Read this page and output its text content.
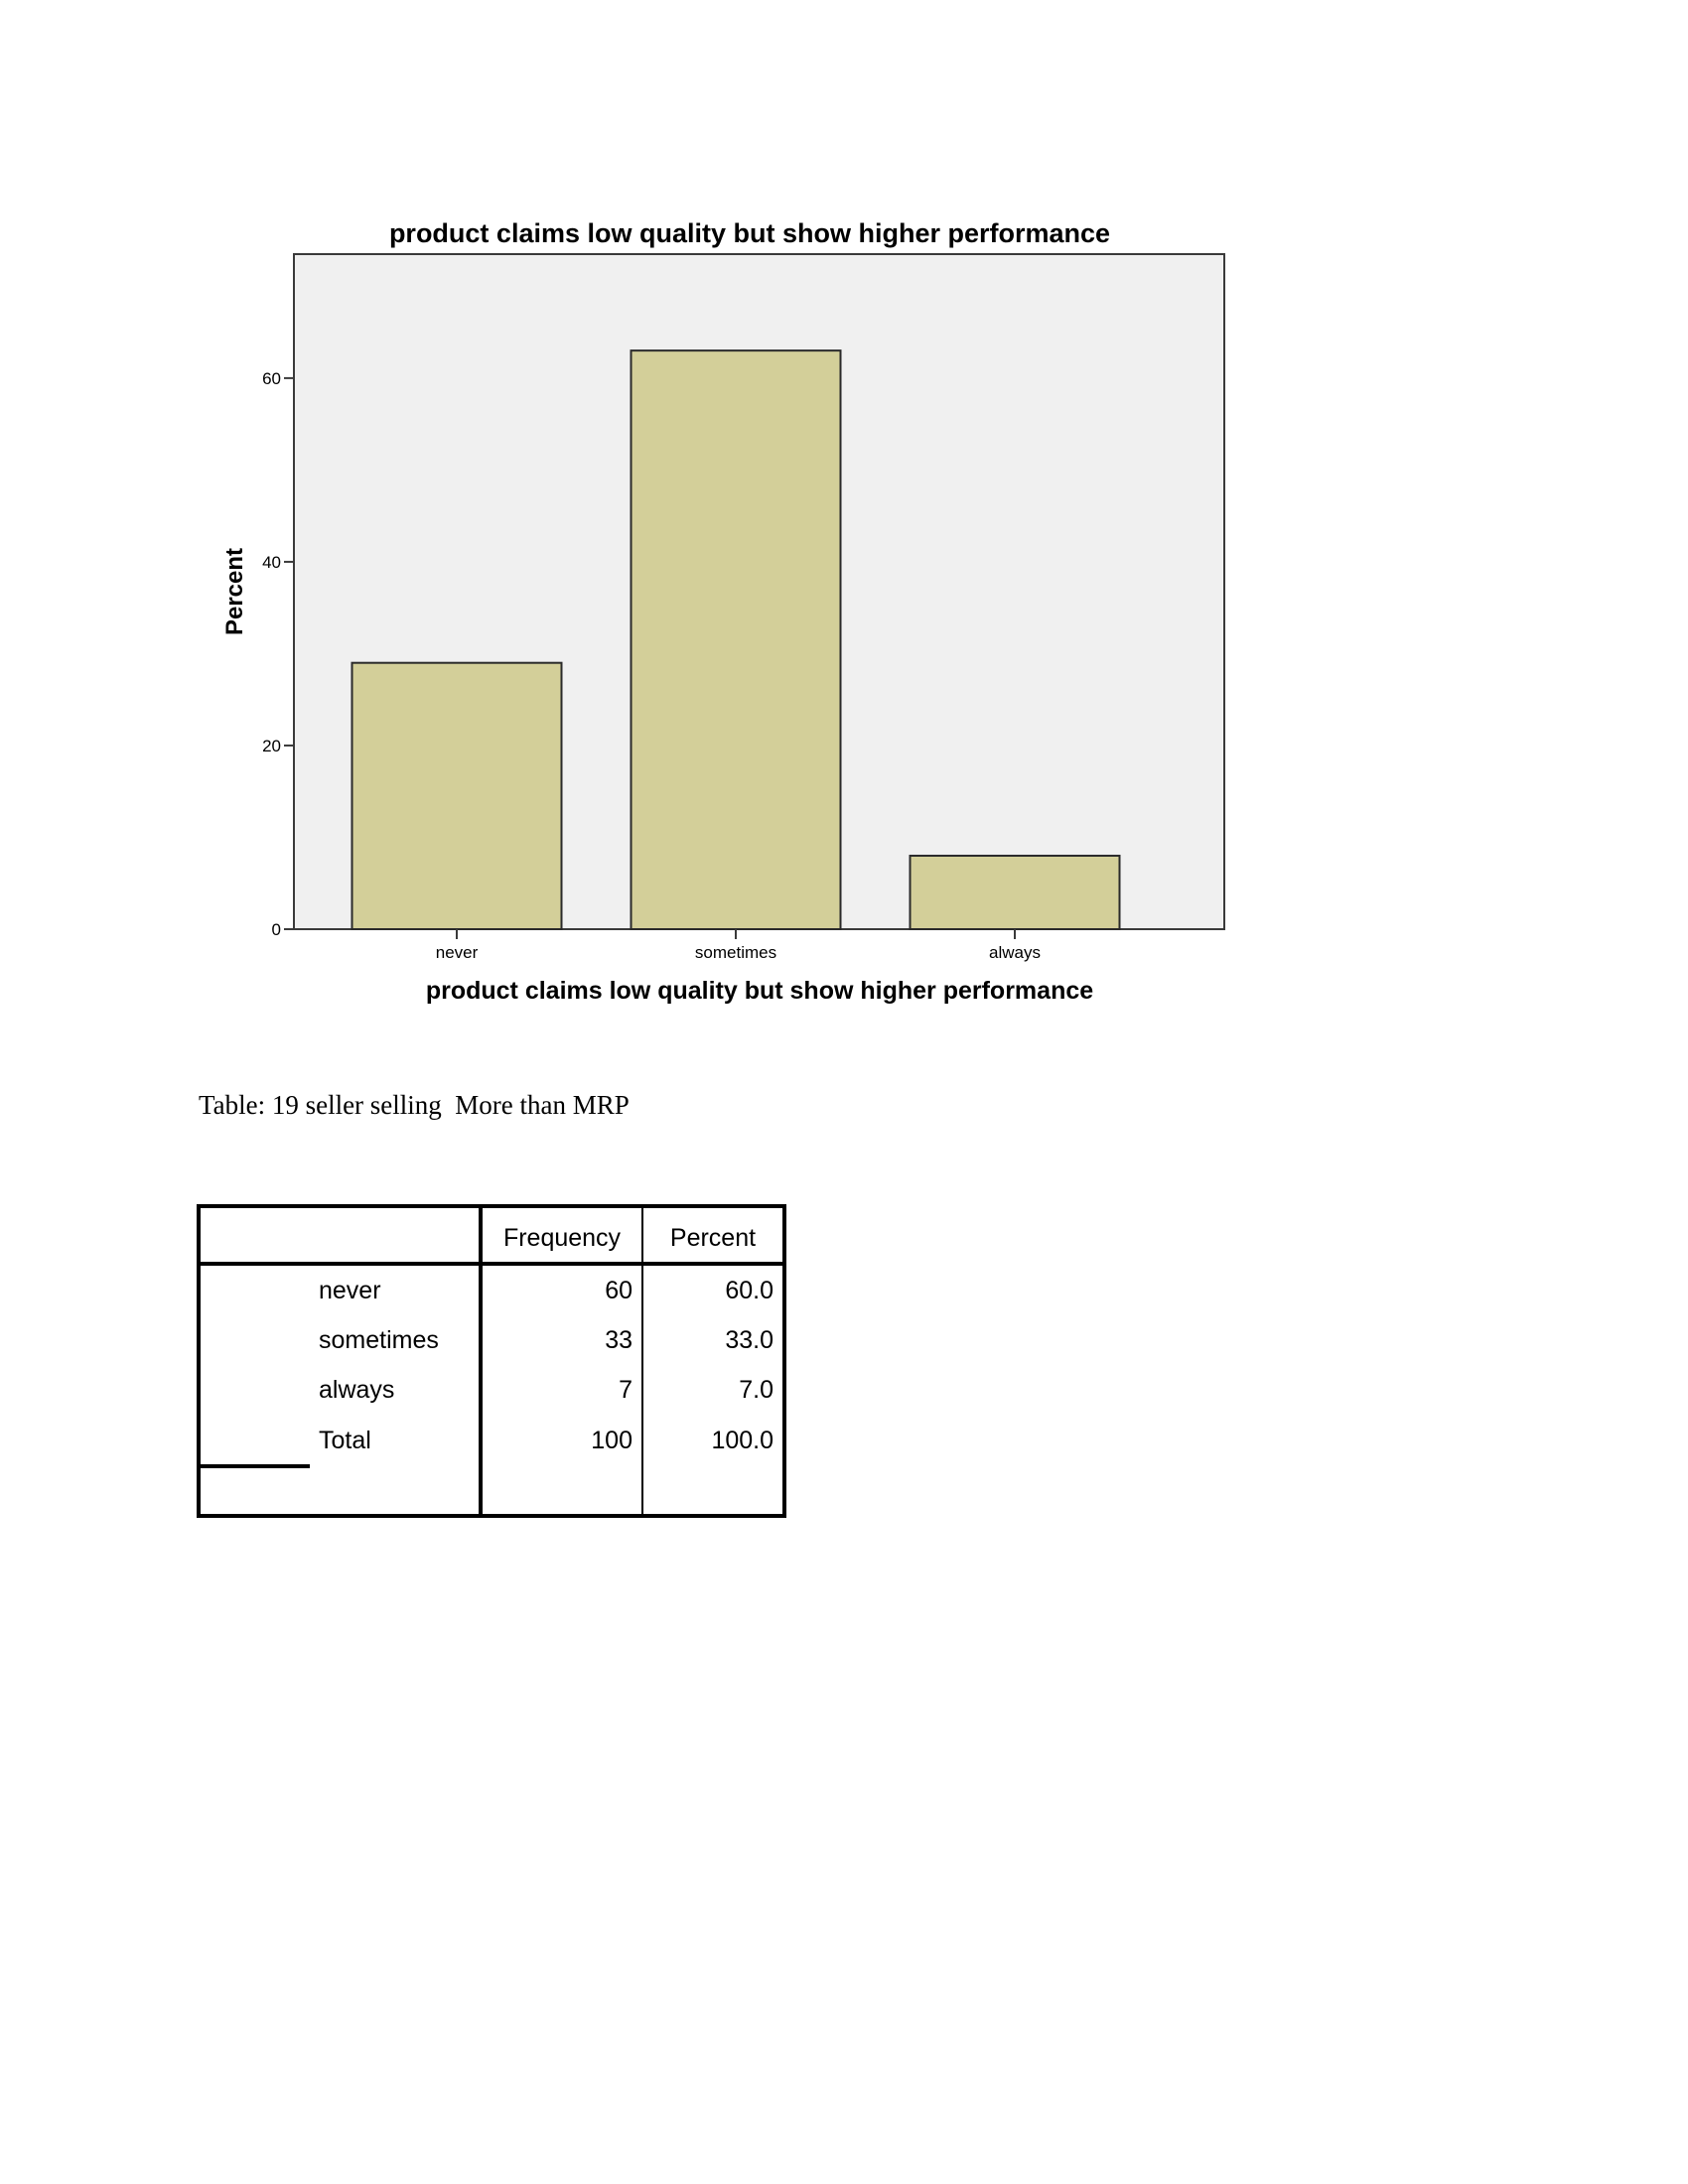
product claims low quality but show higher performance
0
20
40
60
never	sometimes	always
Percent
product claims low quality but show higher performance
Table: 19 seller selling  More than MRP
		Frequency	Percent
	never	60	60.0
	sometimes	33	33.0
	always	7	7.0
	Total	100	100.0
